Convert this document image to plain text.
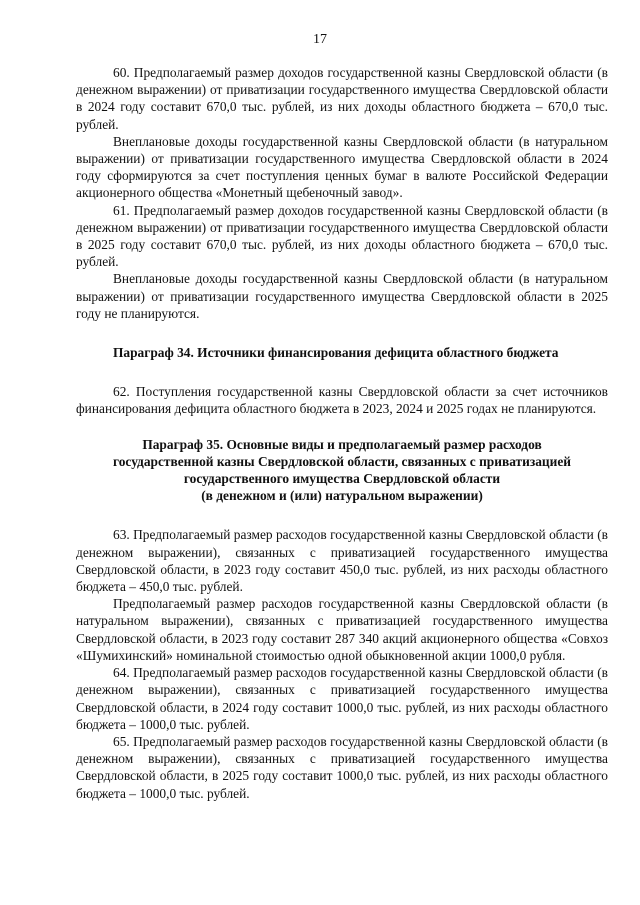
17

60. Предполагаемый размер доходов государственной казны Свердловской области (в денежном выражении) от приватизации государственного имущества Свердловской области в 2024 году составит 670,0 тыс. рублей, из них доходы областного бюджета – 670,0 тыс. рублей.

Внеплановые доходы государственной казны Свердловской области (в натуральном выражении) от приватизации государственного имущества Свердловской области в 2024 году сформируются за счет поступления ценных бумаг в валюте Российской Федерации акционерного общества «Монетный щебеночный завод».

61. Предполагаемый размер доходов государственной казны Свердловской области (в денежном выражении) от приватизации государственного имущества Свердловской области в 2025 году составит 670,0 тыс. рублей, из них доходы областного бюджета – 670,0 тыс. рублей.

Внеплановые доходы государственной казны Свердловской области (в натуральном выражении) от приватизации государственного имущества Свердловской области в 2025 году не планируются.

Параграф 34. Источники финансирования дефицита областного бюджета

62. Поступления государственной казны Свердловской области за счет источников финансирования дефицита областного бюджета в 2023, 2024 и 2025 годах не планируются.

Параграф 35. Основные виды и предполагаемый размер расходов
государственной казны Свердловской области, связанных с приватизацией
государственного имущества Свердловской области
(в денежном и (или) натуральном выражении)

63. Предполагаемый размер расходов государственной казны Свердловской области (в денежном выражении), связанных с приватизацией государственного имущества Свердловской области, в 2023 году составит 450,0 тыс. рублей, из них расходы областного бюджета – 450,0 тыс. рублей.

Предполагаемый размер расходов государственной казны Свердловской области (в натуральном выражении), связанных с приватизацией государственного имущества Свердловской области, в 2023 году составит 287 340 акций акционерного общества «Совхоз «Шумихинский» номинальной стоимостью одной обыкновенной акции 1000,0 рубля.

64. Предполагаемый размер расходов государственной казны Свердловской области (в денежном выражении), связанных с приватизацией государственного имущества Свердловской области, в 2024 году составит 1000,0 тыс. рублей, из них расходы областного бюджета – 1000,0 тыс. рублей.

65. Предполагаемый размер расходов государственной казны Свердловской области (в денежном выражении), связанных с приватизацией государственного имущества Свердловской области, в 2025 году составит 1000,0 тыс. рублей, из них расходы областного бюджета – 1000,0 тыс. рублей.
